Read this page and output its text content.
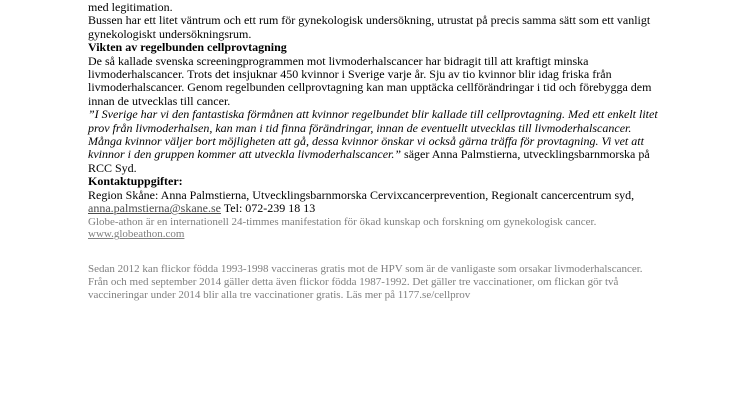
med legitimation.

Bussen har ett litet väntrum och ett rum för gynekologisk undersökning, utrustat på precis samma sätt som ett vanligt gynekologiskt undersökningsrum.

Vikten av regelbunden cellprovtagning

De så kallade svenska screeningprogrammen mot livmoderhalscancer har bidragit till att kraftigt minska livmoderhalscancer. Trots det insjuknar 450 kvinnor i Sverige varje år. Sju av tio kvinnor blir idag friska från livmoderhalscancer. Genom regelbunden cellprovtagning kan man upptäcka cellförändringar i tid och förebygga dem innan de utvecklas till cancer.

”I Sverige har vi den fantastiska förmånen att kvinnor regelbundet blir kallade till cellprovtagning. Med ett enkelt litet prov från livmoderhalsen, kan man i tid finna förändringar, innan de eventuellt utvecklas till livmoderhalscancer. Många kvinnor väljer bort möjligheten att gå, dessa kvinnor önskar vi också gärna träffa för provtagning. Vi vet att kvinnor i den gruppen kommer att utveckla livmoderhalscancer.” säger Anna Palmstierna, utvecklingsbarnmorska på RCC Syd.

Kontaktuppgifter:

Region Skåne: Anna Palmstierna, Utvecklingsbarnmorska Cervixcancerprevention, Regionalt cancercentrum syd, anna.palmstierna@skane.se Tel: 072-239 18 13

Globe-athon är en internationell 24-timmes manifestation för ökad kunskap och forskning om gynekologisk cancer. www.globeathon.com

Sedan 2012 kan flickor födda 1993-1998 vaccineras gratis mot de HPV som är de vanligaste som orsakar livmoderhalscancer. Från och med september 2014 gäller detta även flickor födda 1987-1992. Det gäller tre vaccinationer, om flickan gör två vaccineringar under 2014 blir alla tre vaccinationer gratis. Läs mer på 1177.se/cellprov
